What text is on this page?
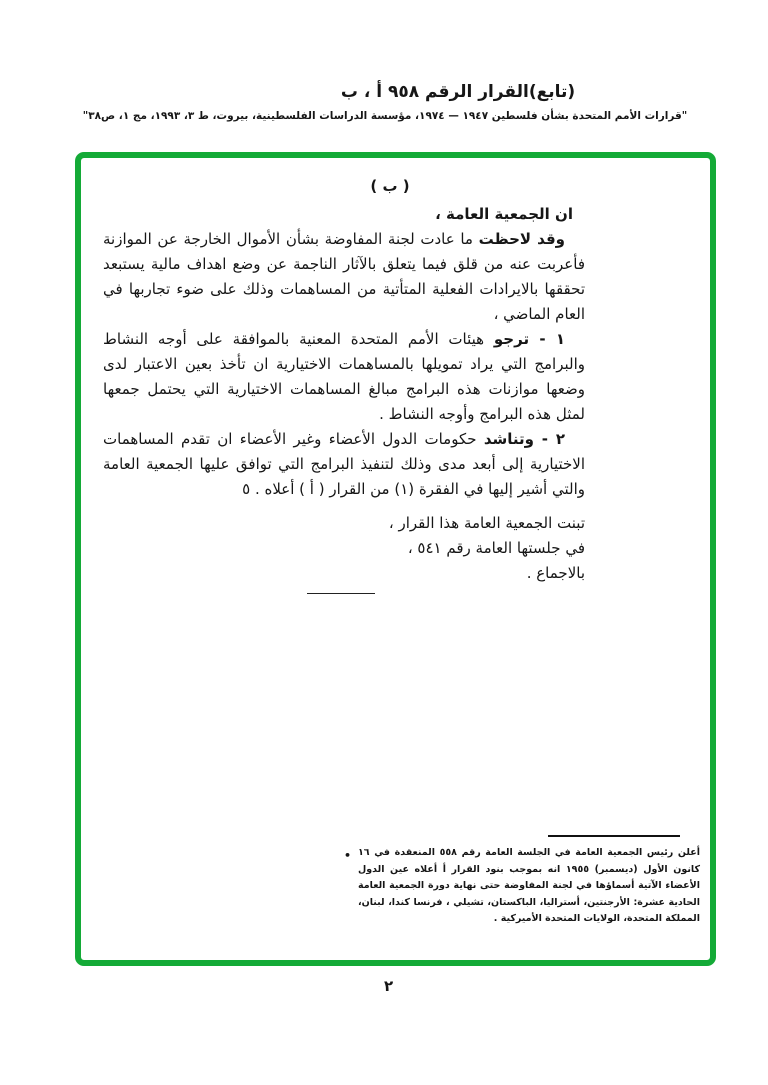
(تابع)القرار الرقم ٩٥٨ أ ، ب
"قرارات الأمم المتحدة بشأن فلسطين ١٩٤٧ — ١٩٧٤، مؤسسة الدراسات الفلسطينية، بيروت، ط ٣، ١٩٩٣، مج ١، ص٣٨"

( ب )

ان الجمعية العامة ،

وقد لاحظت ما عادت لجنة المفاوضة بشأن الأموال الخارجة عن الموازنة فأعربت عنه من قلق فيما يتعلق بالآثار الناجمة عن وضع اهداف مالية يستبعد تحققها بالايرادات الفعلية المتأتية من المساهمات وذلك على ضوء تجاربها في العام الماضي ،

١ - ترجو هيئات الأمم المتحدة المعنية بالموافقة على أوجه النشاط والبرامج التي يراد تمويلها بالمساهمات الاختيارية ان تأخذ بعين الاعتبار لدى وضعها موازنات هذه البرامج مبالغ المساهمات الاختيارية التي يحتمل جمعها لمثل هذه البرامج وأوجه النشاط .

٢ - وتناشد حكومات الدول الأعضاء وغير الأعضاء ان تقدم المساهمات الاختيارية إلى أبعد مدى وذلك لتنفيذ البرامج التي توافق عليها الجمعية العامة والتي أشير إليها في الفقرة (١) من القرار ( أ ) أعلاه . ٥

تبنت الجمعية العامة هذا القرار ،
في جلستها العامة رقم ٥٤١ ،
بالاجماع .
• أعلن رئيس الجمعية العامة في الجلسة العامة رقم ٥٥٨ المنعقدة في ١٦ كانون الأول (ديسمبر) ١٩٥٥ انه بموجب بنود القرار أ أعلاه عين الدول الأعضاء الآتية أسماؤها في لجنة المفاوضة حتى نهاية دورة الجمعية العامة الحادية عشرة: الأرجنتين، أستراليا، الباكستان، تشيلي ، فرنسا كندا، لبنان، المملكة المتحدة، الولايات المتحدة الأميركية .
٢
